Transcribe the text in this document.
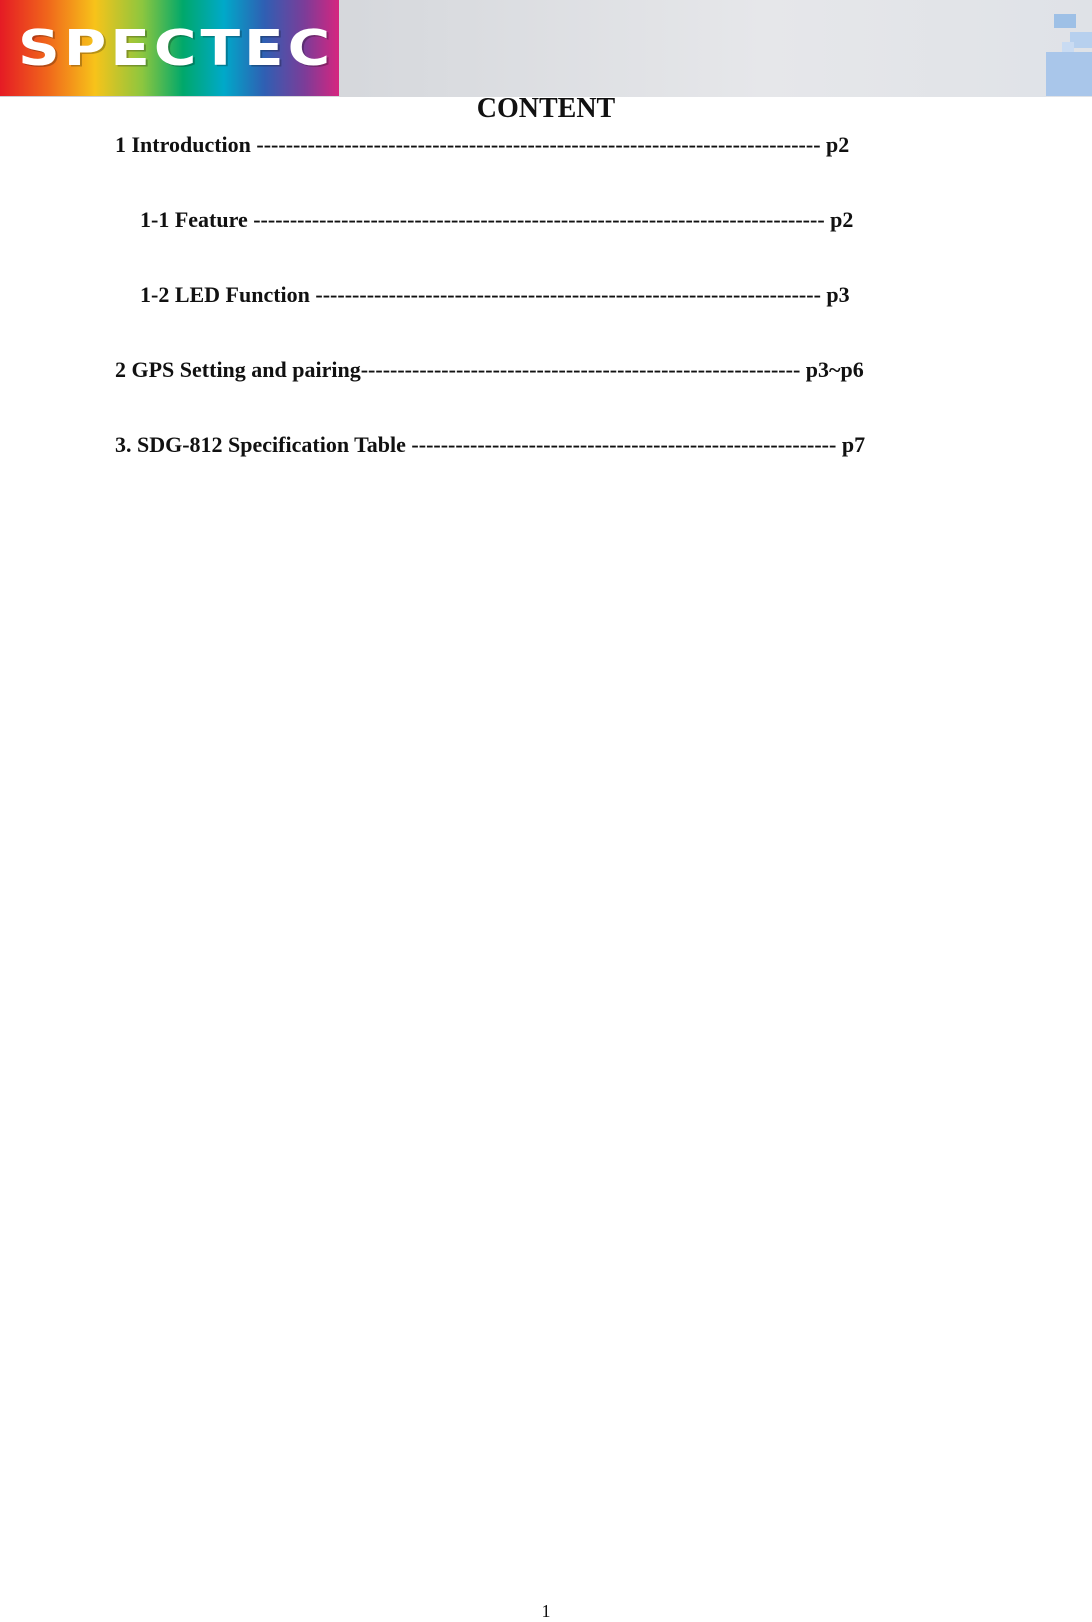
SPECTEC
CONTENT
1 Introduction ----------------------------------------------------------------------------- p2
1-1 Feature ------------------------------------------------------------------------------ p2
1-2 LED Function --------------------------------------------------------------------- p3
2 GPS Setting and pairing------------------------------------------------------------ p3~p6
3. SDG-812 Specification Table ---------------------------------------------------------- p7
1
